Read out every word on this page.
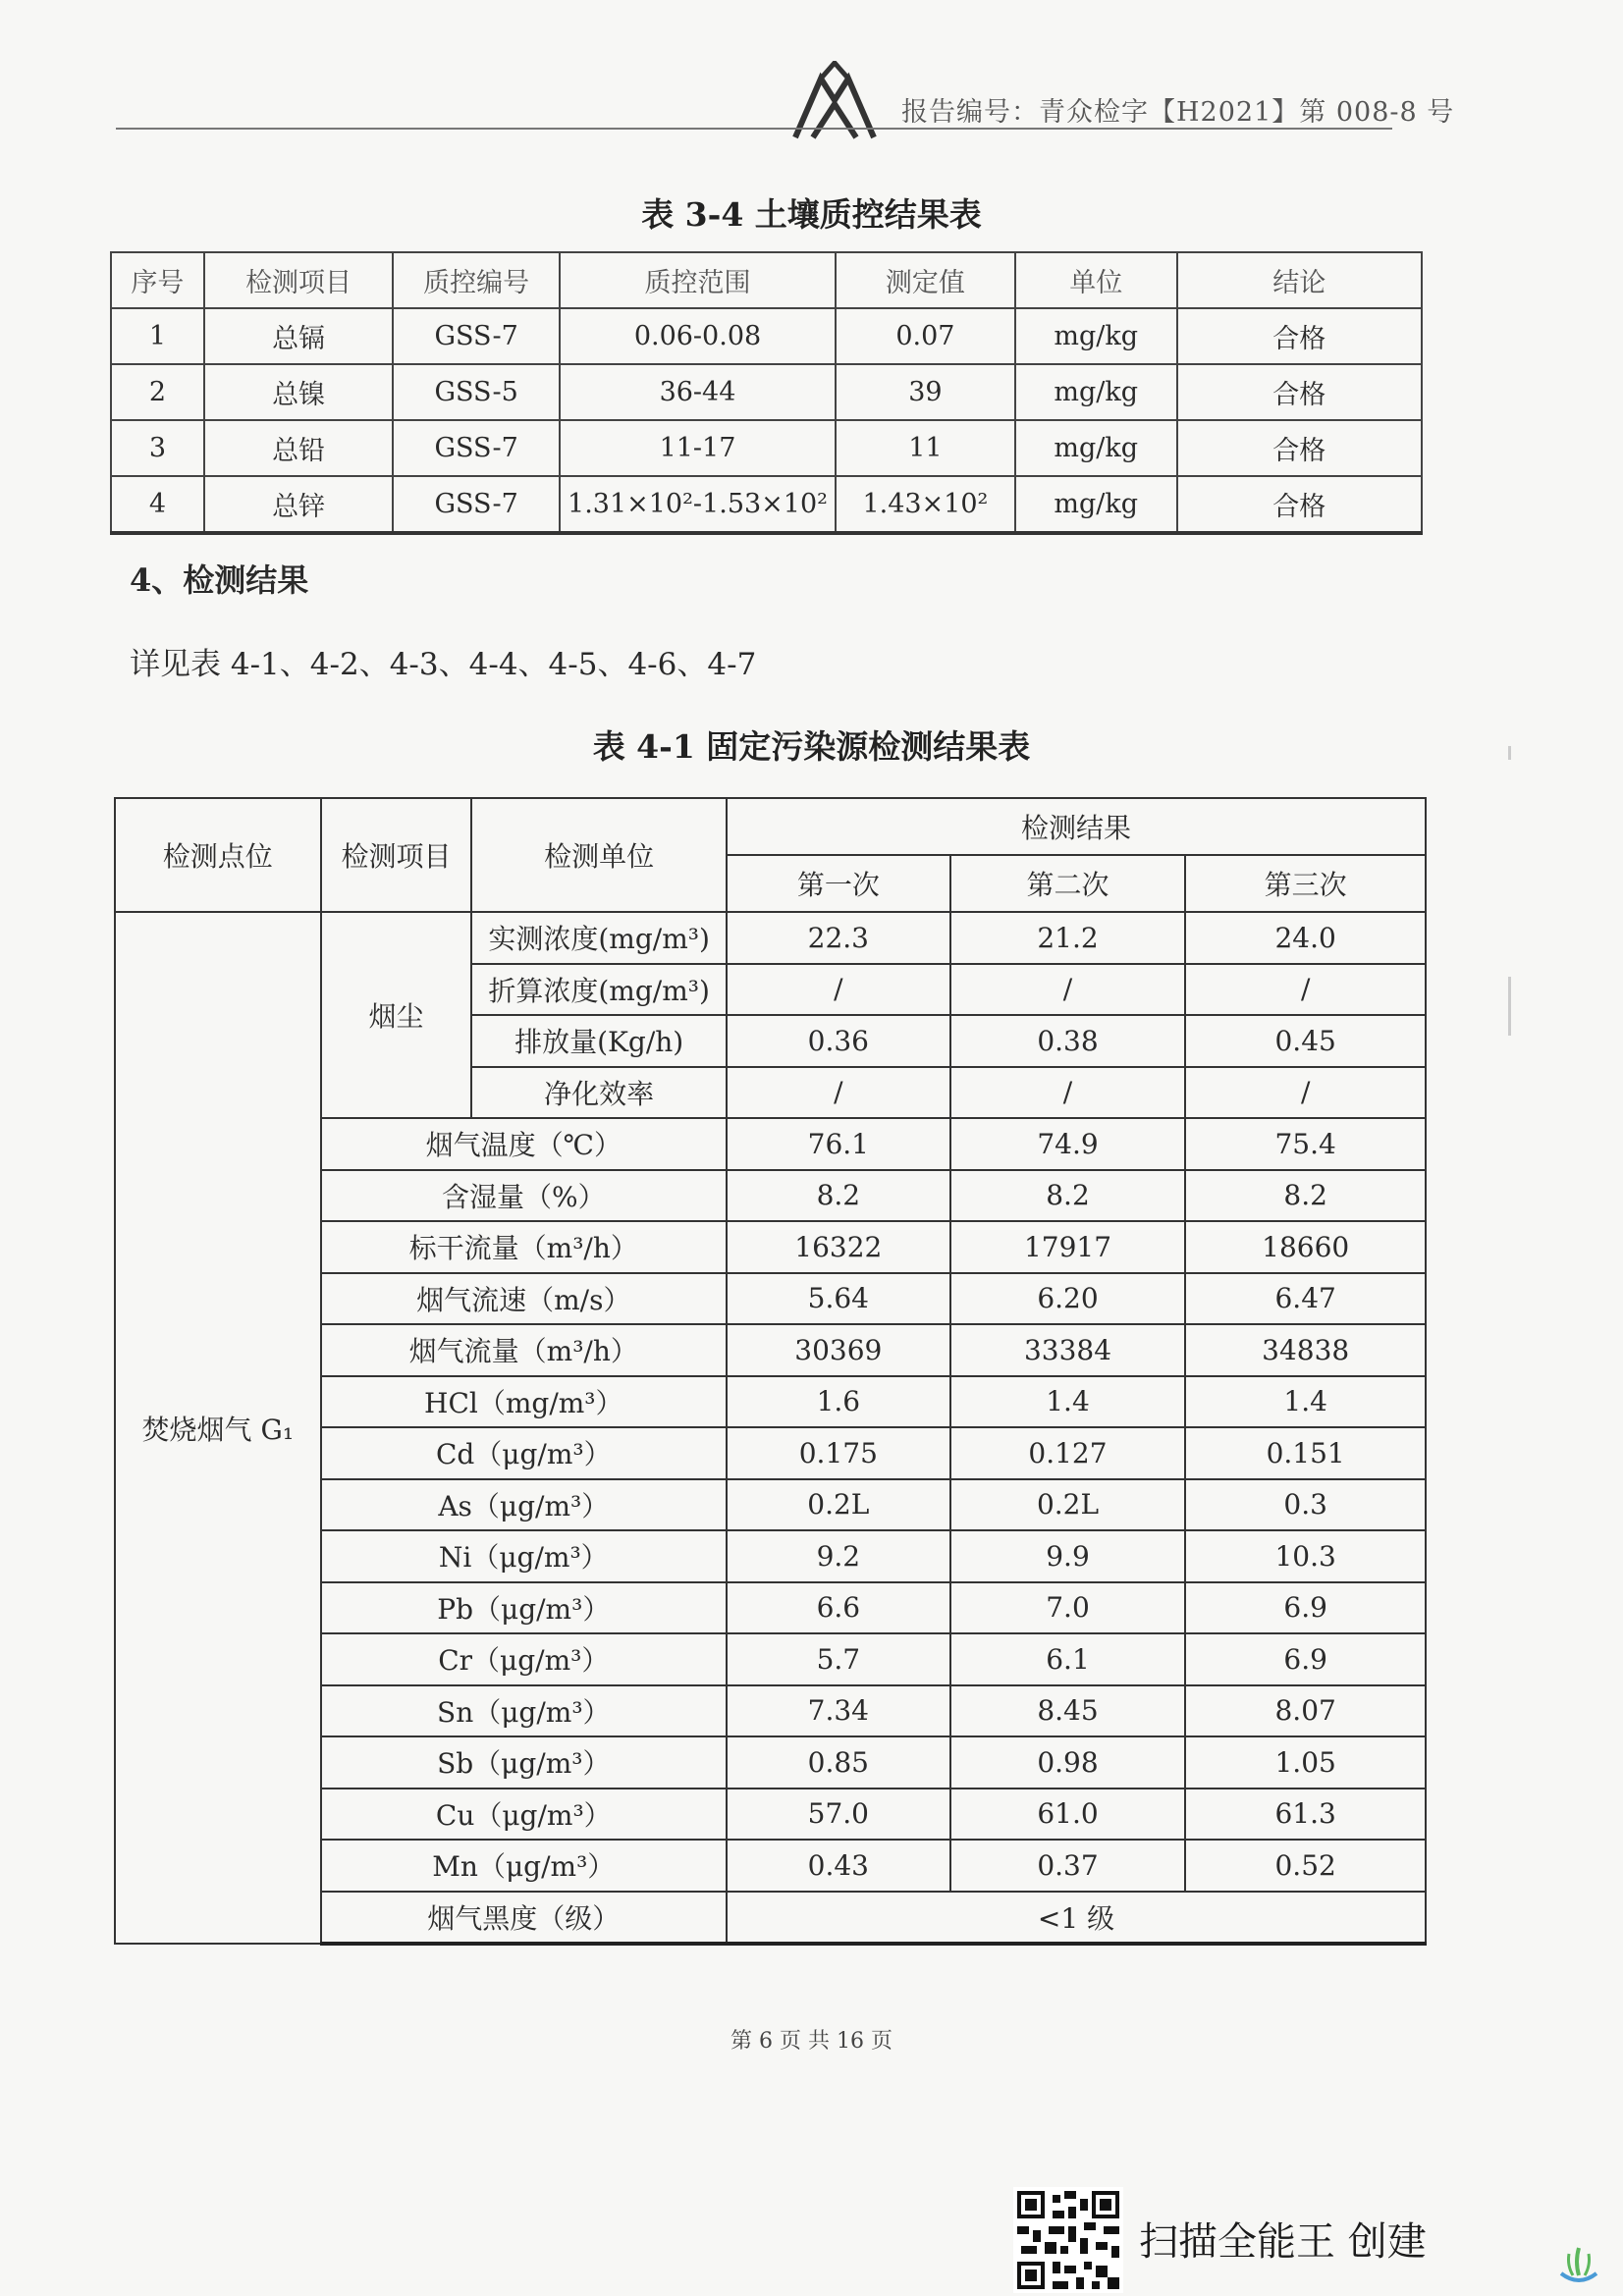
报告编号：青众检字【H2021】第 008-8 号
表 3-4 土壤质控结果表
序号	检测项目	质控编号	质控范围	测定值	单位	结论
1	总镉	GSS-7	0.06-0.08	0.07	mg/kg	合格
2	总镍	GSS-5	36-44	39	mg/kg	合格
3	总铅	GSS-7	11-17	11	mg/kg	合格
4	总锌	GSS-7	1.31×10²-1.53×10²	1.43×10²	mg/kg	合格
4、检测结果
详见表 4-1、4-2、4-3、4-4、4-5、4-6、4-7
表 4-1 固定污染源检测结果表
检测点位	检测项目	检测单位	检测结果		
			第一次	第二次	第三次
焚烧烟气 G₁	烟尘	实测浓度(mg/m³)	22.3	21.2	24.0
		折算浓度(mg/m³)	/	/	/
		排放量(Kg/h)	0.36	0.38	0.45
		净化效率	/	/	/
	烟气温度（℃）		76.1	74.9	75.4
	含湿量（%）		8.2	8.2	8.2
	标干流量（m³/h）		16322	17917	18660
	烟气流速（m/s）		5.64	6.20	6.47
	烟气流量（m³/h）		30369	33384	34838
	HCl（mg/m³）		1.6	1.4	1.4
	Cd（μg/m³）		0.175	0.127	0.151
	As（μg/m³）		0.2L	0.2L	0.3
	Ni（μg/m³）		9.2	9.9	10.3
	Pb（μg/m³）		6.6	7.0	6.9
	Cr（μg/m³）		5.7	6.1	6.9
	Sn（μg/m³）		7.34	8.45	8.07
	Sb（μg/m³）		0.85	0.98	1.05
	Cu（μg/m³）		57.0	61.0	61.3
	Mn（μg/m³）		0.43	0.37	0.52
	烟气黑度（级）		<1 级		
第 6 页 共 16 页
扫描全能王 创建
